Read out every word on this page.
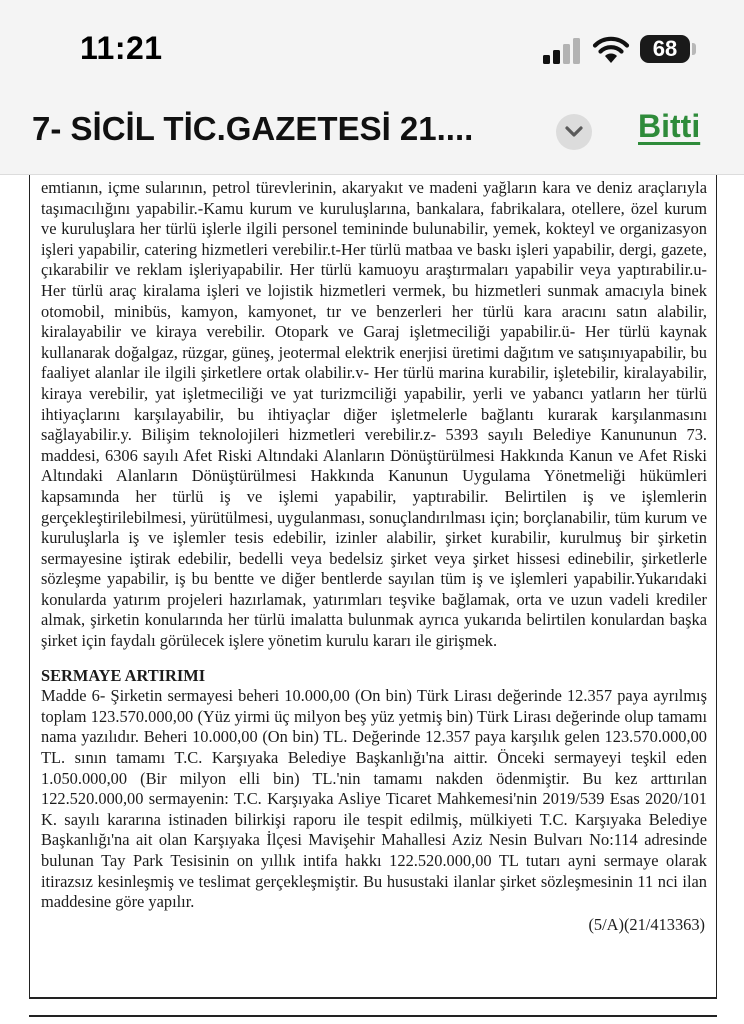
11:21	68
7- SİCİL TİC.GAZETESİ 21....	Bitti

emtianın, içme sularının, petrol türevlerinin, akaryakıt ve madeni yağların kara ve deniz araçlarıyla taşımacılığını yapabilir.-Kamu kurum ve kuruluşlarına, bankalara, fabrikalara, otellere, özel kurum ve kuruluşlara her türlü işlerle ilgili personel temininde bulunabilir, yemek, kokteyl ve organizasyon işleri yapabilir, catering hizmetleri verebilir.t-Her türlü matbaa ve baskı işleri yapabilir, dergi, gazete, çıkarabilir ve reklam işleriyapabilir. Her türlü kamuoyu araştırmaları yapabilir veya yaptırabilir.u- Her türlü araç kiralama işleri ve lojistik hizmetleri vermek, bu hizmetleri sunmak amacıyla binek otomobil, minibüs, kamyon, kamyonet, tır ve benzerleri her türlü kara aracını satın alabilir, kiralayabilir ve kiraya verebilir. Otopark ve Garaj işletmeciliği yapabilir.ü- Her türlü kaynak kullanarak doğalgaz, rüzgar, güneş, jeotermal elektrik enerjisi üretimi dağıtım ve satışınıyapabilir, bu faaliyet alanlar ile ilgili şirketlere ortak olabilir.v- Her türlü marina kurabilir, işletebilir, kiralayabilir, kiraya verebilir, yat işletmeciliği ve yat turizmciliği yapabilir, yerli ve yabancı yatların her türlü ihtiyaçlarını karşılayabilir, bu ihtiyaçlar diğer işletmelerle bağlantı kurarak karşılanmasını sağlayabilir.y. Bilişim teknolojileri hizmetleri verebilir.z- 5393 sayılı Belediye Kanununun 73. maddesi, 6306 sayılı Afet Riski Altındaki Alanların Dönüştürülmesi Hakkında Kanun ve Afet Riski Altındaki Alanların Dönüştürülmesi Hakkında Kanunun Uygulama Yönetmeliği hükümleri kapsamında her türlü iş ve işlemi yapabilir, yaptırabilir. Belirtilen iş ve işlemlerin gerçekleştirilebilmesi, yürütülmesi, uygulanması, sonuçlandırılması için; borçlanabilir, tüm kurum ve kuruluşlarla iş ve işlemler tesis edebilir, izinler alabilir, şirket kurabilir, kurulmuş bir şirketin sermayesine iştirak edebilir, bedelli veya bedelsiz şirket veya şirket hissesi edinebilir, şirketlerle sözleşme yapabilir, iş bu bentte ve diğer bentlerde sayılan tüm iş ve işlemleri yapabilir.Yukarıdaki konularda yatırım projeleri hazırlamak, yatırımları teşvike bağlamak, orta ve uzun vadeli krediler almak, şirketin konularında her türlü imalatta bulunmak ayrıca yukarıda belirtilen konulardan başka şirket için faydalı görülecek işlere yönetim kurulu kararı ile girişmek.

SERMAYE ARTIRIMI

Madde 6- Şirketin sermayesi beheri 10.000,00 (On bin) Türk Lirası değerinde 12.357 paya ayrılmış toplam 123.570.000,00 (Yüz yirmi üç milyon beş yüz yetmiş bin) Türk Lirası değerinde olup tamamı nama yazılıdır. Beheri 10.000,00 (On bin) TL. Değerinde 12.357 paya karşılık gelen 123.570.000,00 TL. sının tamamı T.C. Karşıyaka Belediye Başkanlığı'na aittir. Önceki sermayeyi teşkil eden 1.050.000,00 (Bir milyon elli bin) TL.'nin tamamı nakden ödenmiştir. Bu kez arttırılan 122.520.000,00 sermayenin: T.C. Karşıyaka Asliye Ticaret Mahkemesi'nin 2019/539 Esas 2020/101 K. sayılı kararına istinaden bilirkişi raporu ile tespit edilmiş, mülkiyeti T.C. Karşıyaka Belediye Başkanlığı'na ait olan Karşıyaka İlçesi Mavişehir Mahallesi Aziz Nesin Bulvarı No:114 adresinde bulunan Tay Park Tesisinin on yıllık intifa hakkı 122.520.000,00 TL tutarı ayni sermaye olarak itirazsız kesinleşmiş ve teslimat gerçekleşmiştir. Bu husustaki ilanlar şirket sözleşmesinin 11 nci ilan maddesine göre yapılır.

(5/A)(21/413363)
